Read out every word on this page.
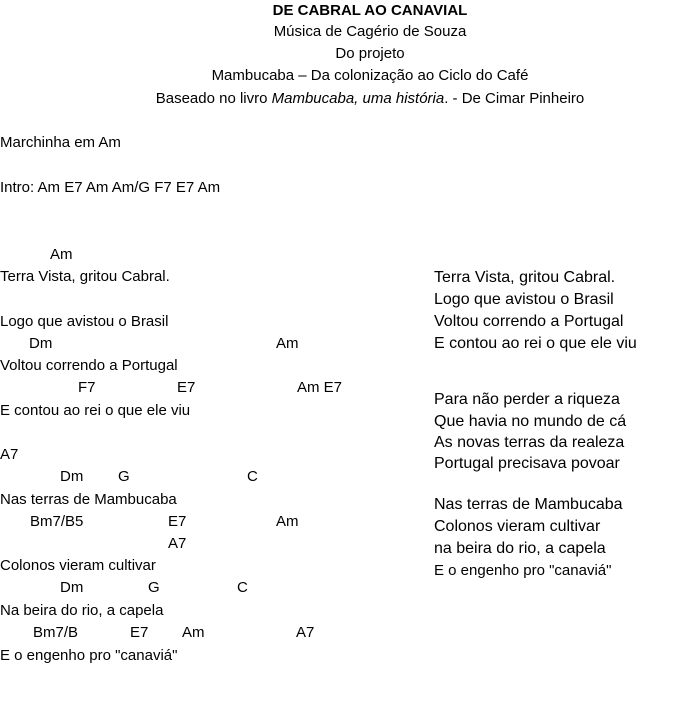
DE CABRAL AO CANAVIAL
Música de Cagério de Souza
Do projeto
Mambucaba – Da colonização ao Ciclo do Café
Baseado no livro Mambucaba, uma história. - De Cimar Pinheiro
Marchinha em Am
Intro: Am E7 Am Am/G F7 E7 Am
Am
Terra Vista, gritou Cabral.
Logo que avistou o Brasil
Dm	Am
Voltou correndo a Portugal
F7	E7	Am E7
E contou ao rei o que ele viu
A7
Dm G	C
Nas terras de Mambucaba
Bm7/B5	E7	Am
A7
Colonos vieram cultivar
Dm	G	C
Na beira do rio, a capela
Bm7/B	E7 Am	A7
E o engenho pro "canaviá"
Terra Vista, gritou Cabral.
Logo que avistou o Brasil
Voltou correndo a Portugal
E contou ao rei o que ele viu
Para não perder a riqueza
Que havia no mundo de cá
As novas terras da realeza
Portugal precisava povoar
Nas terras de Mambucaba
Colonos vieram cultivar
na beira do rio, a capela
E o engenho pro "canaviá"
